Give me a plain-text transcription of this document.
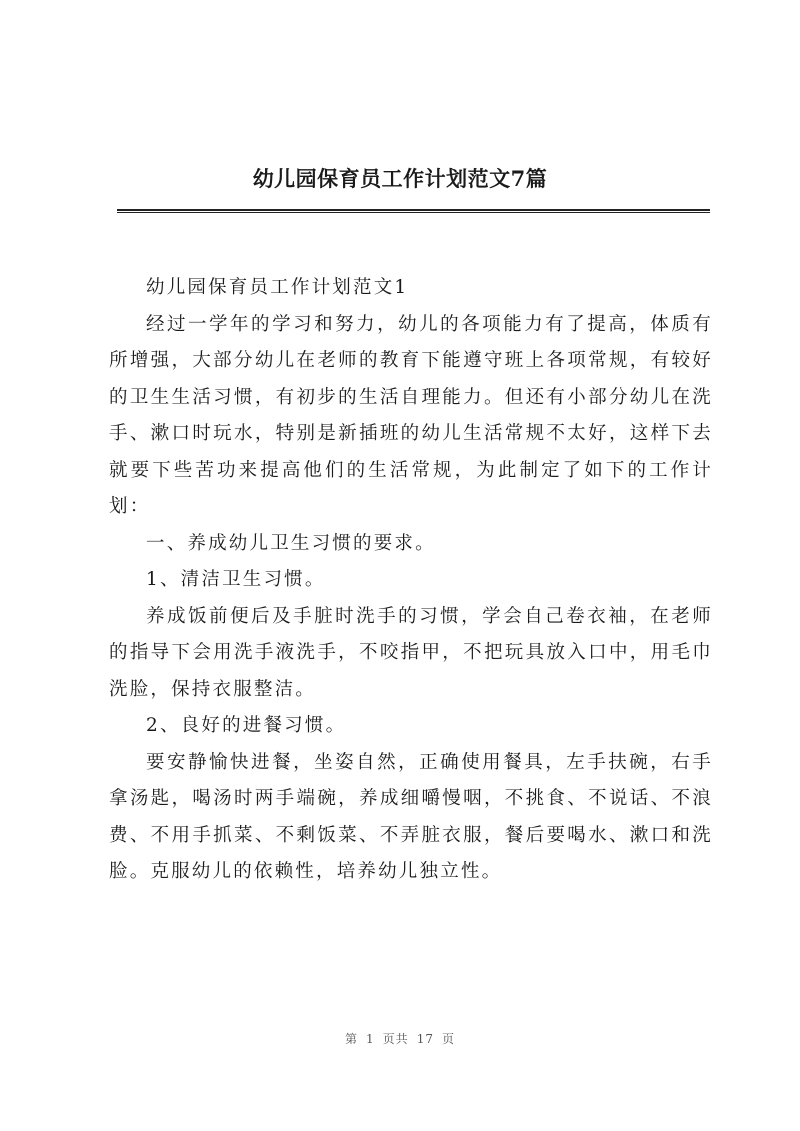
幼儿园保育员工作计划范文7篇

幼儿园保育员工作计划范文1

经过一学年的学习和努力，幼儿的各项能力有了提高，体质有所增强，大部分幼儿在老师的教育下能遵守班上各项常规，有较好的卫生生活习惯，有初步的生活自理能力。但还有小部分幼儿在洗手、漱口时玩水，特别是新插班的幼儿生活常规不太好，这样下去就要下些苦功来提高他们的生活常规，为此制定了如下的工作计划：

一、养成幼儿卫生习惯的要求。

1、清洁卫生习惯。

养成饭前便后及手脏时洗手的习惯，学会自己卷衣袖，在老师的指导下会用洗手液洗手，不咬指甲，不把玩具放入口中，用毛巾洗脸，保持衣服整洁。

2、良好的进餐习惯。

要安静愉快进餐，坐姿自然，正确使用餐具，左手扶碗，右手拿汤匙，喝汤时两手端碗，养成细嚼慢咽，不挑食、不说话、不浪费、不用手抓菜、不剩饭菜、不弄脏衣服，餐后要喝水、漱口和洗脸。克服幼儿的依赖性，培养幼儿独立性。

第 1 页共 17 页
